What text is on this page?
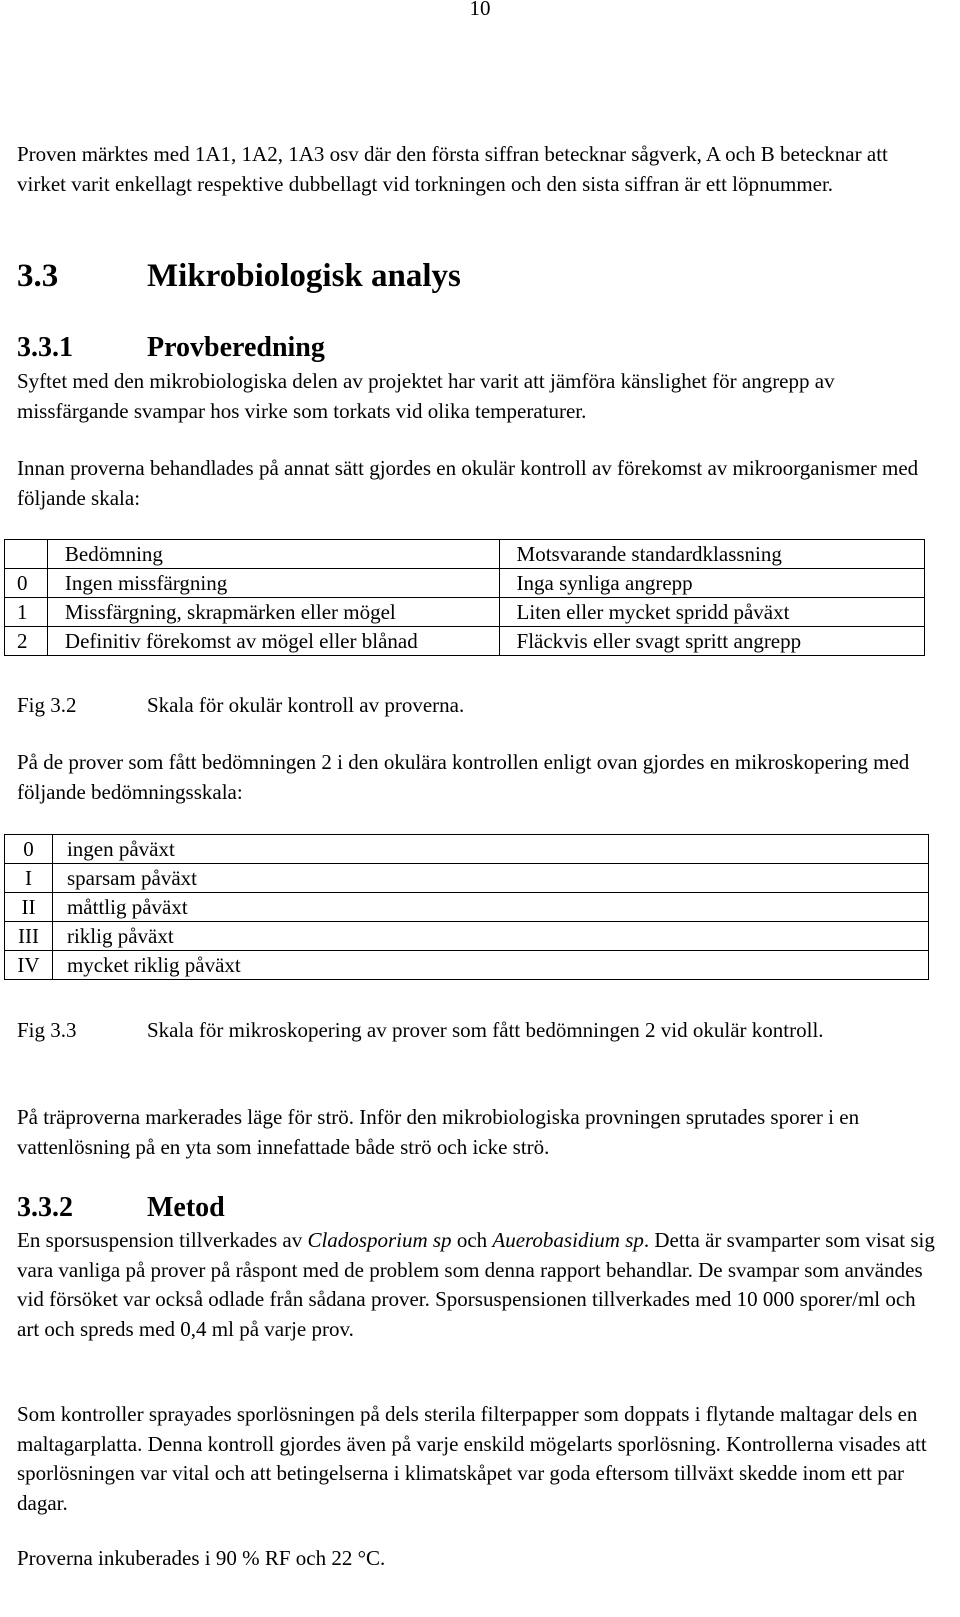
10

Proven märktes med 1A1, 1A2, 1A3 osv där den första siffran betecknar sågverk, A och B betecknar att virket varit enkellagt respektive dubbellagt vid torkningen och den sista siffran är ett löpnummer.

3.3	Mikrobiologisk analys
3.3.1	Provberedning

Syftet med den mikrobiologiska delen av projektet har varit att jämföra känslighet för angrepp av missfärgande svampar hos virke som torkats vid olika temperaturer.

Innan proverna behandlades på annat sätt gjordes en okulär kontroll av förekomst av mikroorganismer med följande skala:

	Bedömning	Motsvarande standardklassning
0	Ingen missfärgning	Inga synliga angrepp
1	Missfärgning, skrapmärken eller mögel	Liten eller mycket spridd påväxt
2	Definitiv förekomst av mögel eller blånad	Fläckvis eller svagt spritt angrepp
Fig 3.2	Skala för okulär kontroll av proverna.

På de prover som fått bedömningen 2 i den okulära kontrollen enligt ovan gjordes en mikroskopering med följande bedömningsskala:

0	ingen påväxt
I	sparsam påväxt
II	måttlig påväxt
III	riklig påväxt
IV	mycket riklig påväxt
Fig 3.3	Skala för mikroskopering av prover som fått bedömningen 2 vid okulär kontroll.

På träproverna markerades läge för strö. Inför den mikrobiologiska provningen sprutades sporer i en vattenlösning på en yta som innefattade både strö och icke strö.

3.3.2	Metod

En sporsuspension tillverkades av Cladosporium sp och Auerobasidium sp. Detta är svamparter som visat sig vara vanliga på prover på råspont med de problem som denna rapport behandlar. De svampar som användes vid försöket var också odlade från sådana prover. Sporsuspensionen tillverkades med 10 000 sporer/ml och art och spreds med 0,4 ml på varje prov.

Som kontroller sprayades sporlösningen på dels sterila filterpapper som doppats i flytande maltagar dels en maltagarplatta. Denna kontroll gjordes även på varje enskild mögelarts sporlösning. Kontrollerna visades att sporlösningen var vital och att betingelserna i klimatskåpet var goda eftersom tillväxt skedde inom ett par dagar.

Proverna inkuberades i 90 % RF och 22 °C.
